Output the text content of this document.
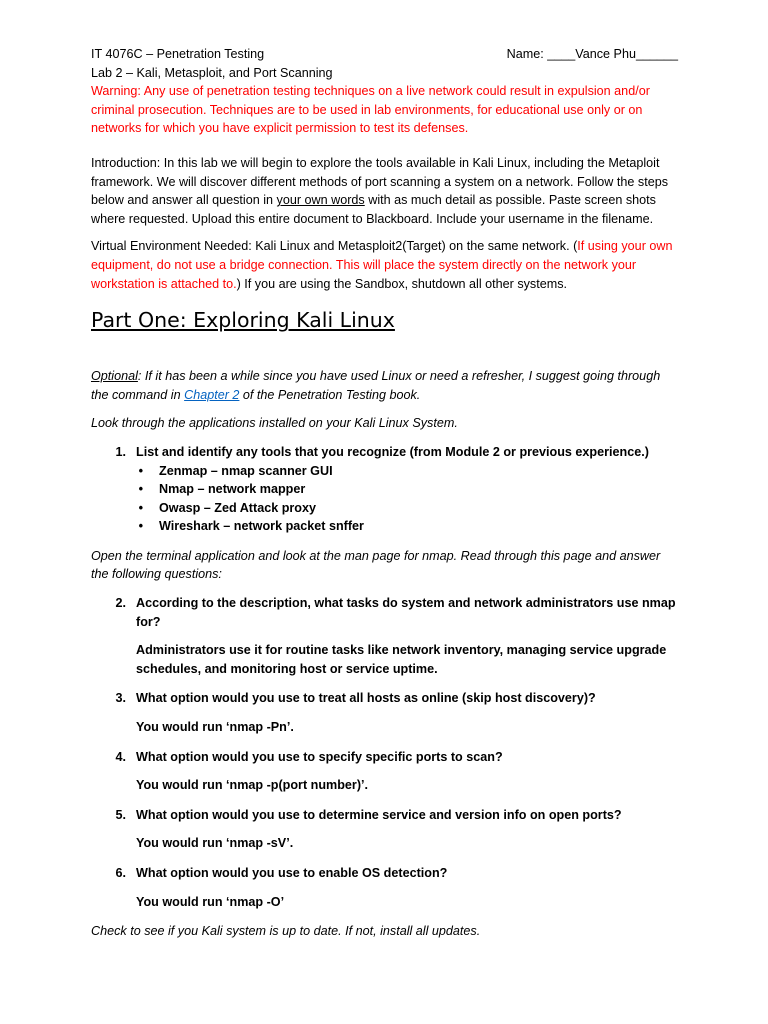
IT 4076C – Penetration Testing	Name: ____Vance Phu______

Lab 2 – Kali, Metasploit, and Port Scanning

Warning: Any use of penetration testing techniques on a live network could result in expulsion and/or criminal prosecution. Techniques are to be used in lab environments, for educational use only or on networks for which you have explicit permission to test its defenses.

Introduction: In this lab we will begin to explore the tools available in Kali Linux, including the Metaploit framework. We will discover different methods of port scanning a system on a network. Follow the steps below and answer all question in your own words with as much detail as possible. Paste screen shots where requested. Upload this entire document to Blackboard. Include your username in the filename.

Virtual Environment Needed: Kali Linux and Metasploit2(Target) on the same network. (If using your own equipment, do not use a bridge connection. This will place the system directly on the network your workstation is attached to.) If you are using the Sandbox, shutdown all other systems.

Part One: Exploring Kali Linux

Optional: If it has been a while since you have used Linux or need a refresher, I suggest going through the command in Chapter 2 of the Penetration Testing book.

Look through the applications installed on your Kali Linux System.

1. List and identify any tools that you recognize (from Module 2 or previous experience.)
•	Zenmap – nmap scanner GUI
•	Nmap – network mapper
•	Owasp – Zed Attack proxy
•	Wireshark – network packet snffer

Open the terminal application and look at the man page for nmap. Read through this page and answer the following questions:

2. According to the description, what tasks do system and network administrators use nmap for?

Administrators use it for routine tasks like network inventory, managing service upgrade schedules, and monitoring host or service uptime.

3. What option would you use to treat all hosts as online (skip host discovery)?

You would run ‘nmap -Pn’.

4. What option would you use to specify specific ports to scan?

You would run ‘nmap -p(port number)’.

5. What option would you use to determine service and version info on open ports?

You would run ‘nmap -sV’.

6. What option would you use to enable OS detection?

You would run ‘nmap -O’

Check to see if you Kali system is up to date. If not, install all updates.
